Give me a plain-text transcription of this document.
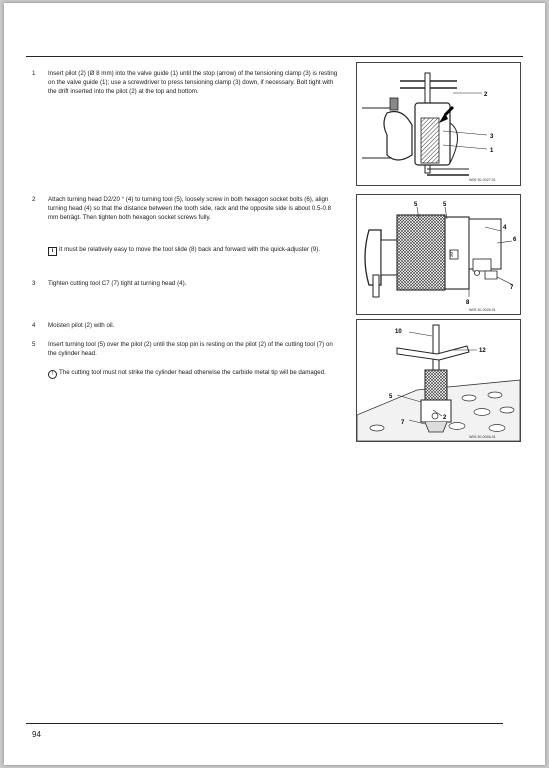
1	Insert pilot (2) (Ø 8 mm) into the valve guide (1) until the stop (arrow) of the tensioning clamp (3) is resting on the valve guide (1); use a screwdriver to press tensioning clamp (3) down, if necessary. Bolt tight with the drift inserted into the pilot (2) at the top and bottom.	2
3
1
W05 30-0027-01
2	Attach turning head D2/20 ° (4) to turning tool (5), loosely screw in both hexagon socket bolts (6), align turning head (4) so that the distance between the tooth side, rack and the opposite side is about 0.5-0.8 mm beträgt. Then tighten both hexagon socket screws fully.
i It must be relatively easy to move the tool slide (8) back and forward with the quick-adjuster (9).
5	5
4
6
7
8
20°
W05 30-0026-01
3	Tighten cutting tool C7 (7) tight at turning head (4).
4	Moisten pilot (2) with oil.
5	Insert turning tool (5) over the pilot (2) until the stop pin is resting on the pilot (2) of the cutting tool (7) on the cylinder head.
! The cutting tool must not strike the cylinder head otherwise the carbide metal tip will be damaged.
10
12
5
2
7
W05 30-0046-01
94
